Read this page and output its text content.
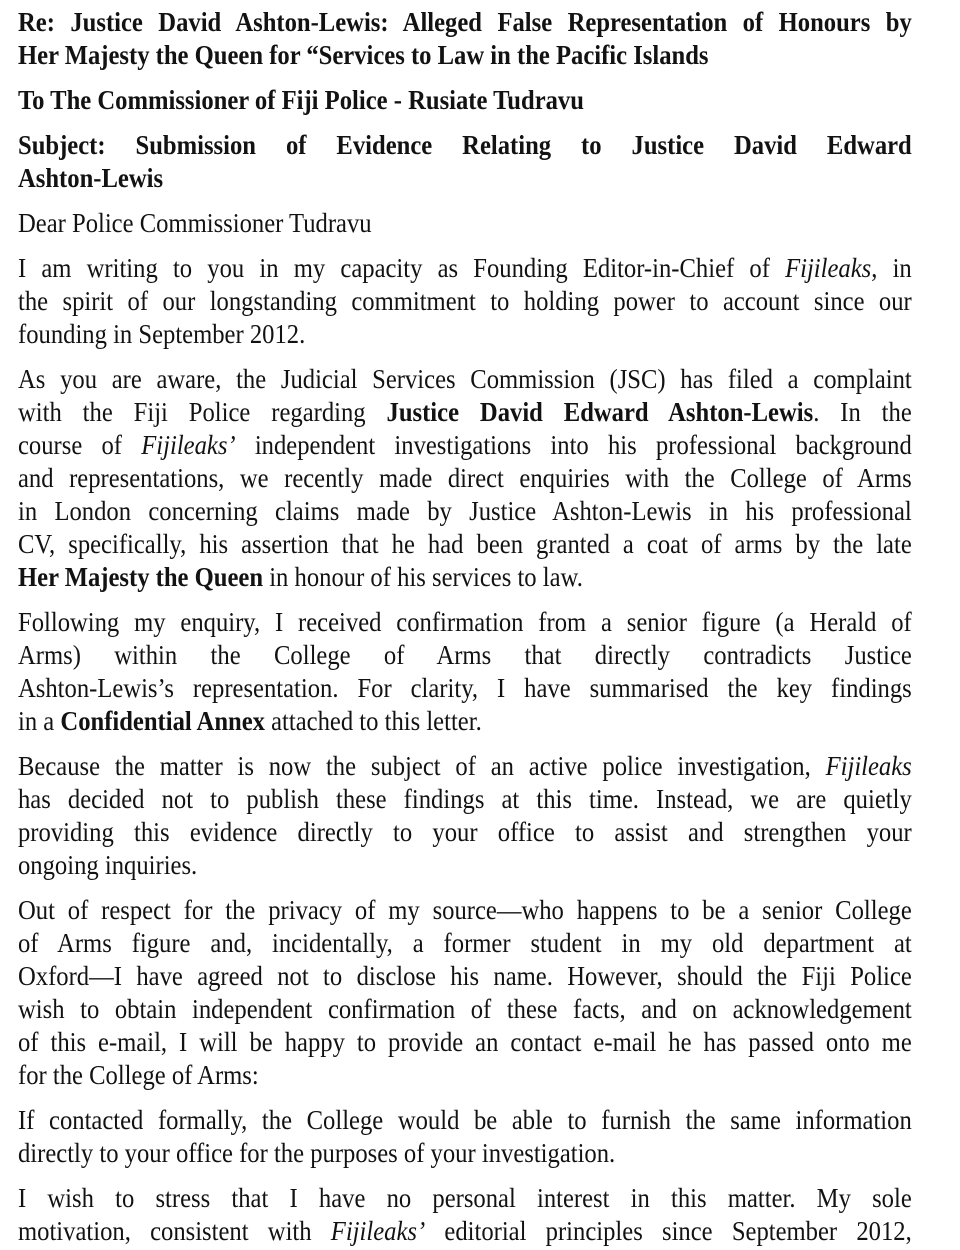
Re: Justice David Ashton-Lewis: Alleged False Representation of Honours by
Her Majesty the Queen for “Services to Law in the Pacific Islands
To The Commissioner of Fiji Police - Rusiate Tudravu
Subject: Submission of Evidence Relating to Justice David Edward
Ashton-Lewis
Dear Police Commissioner Tudravu
I am writing to you in my capacity as Founding Editor-in-Chief of Fijileaks, in
the spirit of our longstanding commitment to holding power to account since our
founding in September 2012.
As you are aware, the Judicial Services Commission (JSC) has filed a complaint
with the Fiji Police regarding Justice David Edward Ashton-Lewis. In the
course of Fijileaks’ independent investigations into his professional background
and representations, we recently made direct enquiries with the College of Arms
in London concerning claims made by Justice Ashton-Lewis in his professional
CV, specifically, his assertion that he had been granted a coat of arms by the late
Her Majesty the Queen in honour of his services to law.
Following my enquiry, I received confirmation from a senior figure (a Herald of
Arms) within the College of Arms that directly contradicts Justice
Ashton-Lewis’s representation. For clarity, I have summarised the key findings
in a Confidential Annex attached to this letter.
Because the matter is now the subject of an active police investigation, Fijileaks
has decided not to publish these findings at this time. Instead, we are quietly
providing this evidence directly to your office to assist and strengthen your
ongoing inquiries.
Out of respect for the privacy of my source—who happens to be a senior College
of Arms figure and, incidentally, a former student in my old department at
Oxford—I have agreed not to disclose his name. However, should the Fiji Police
wish to obtain independent confirmation of these facts, and on acknowledgement
of this e-mail, I will be happy to provide an contact e-mail he has passed onto me
for the College of Arms:
If contacted formally, the College would be able to furnish the same information
directly to your office for the purposes of your investigation.
I wish to stress that I have no personal interest in this matter. My sole
motivation, consistent with Fijileaks’ editorial principles since September 2012,
